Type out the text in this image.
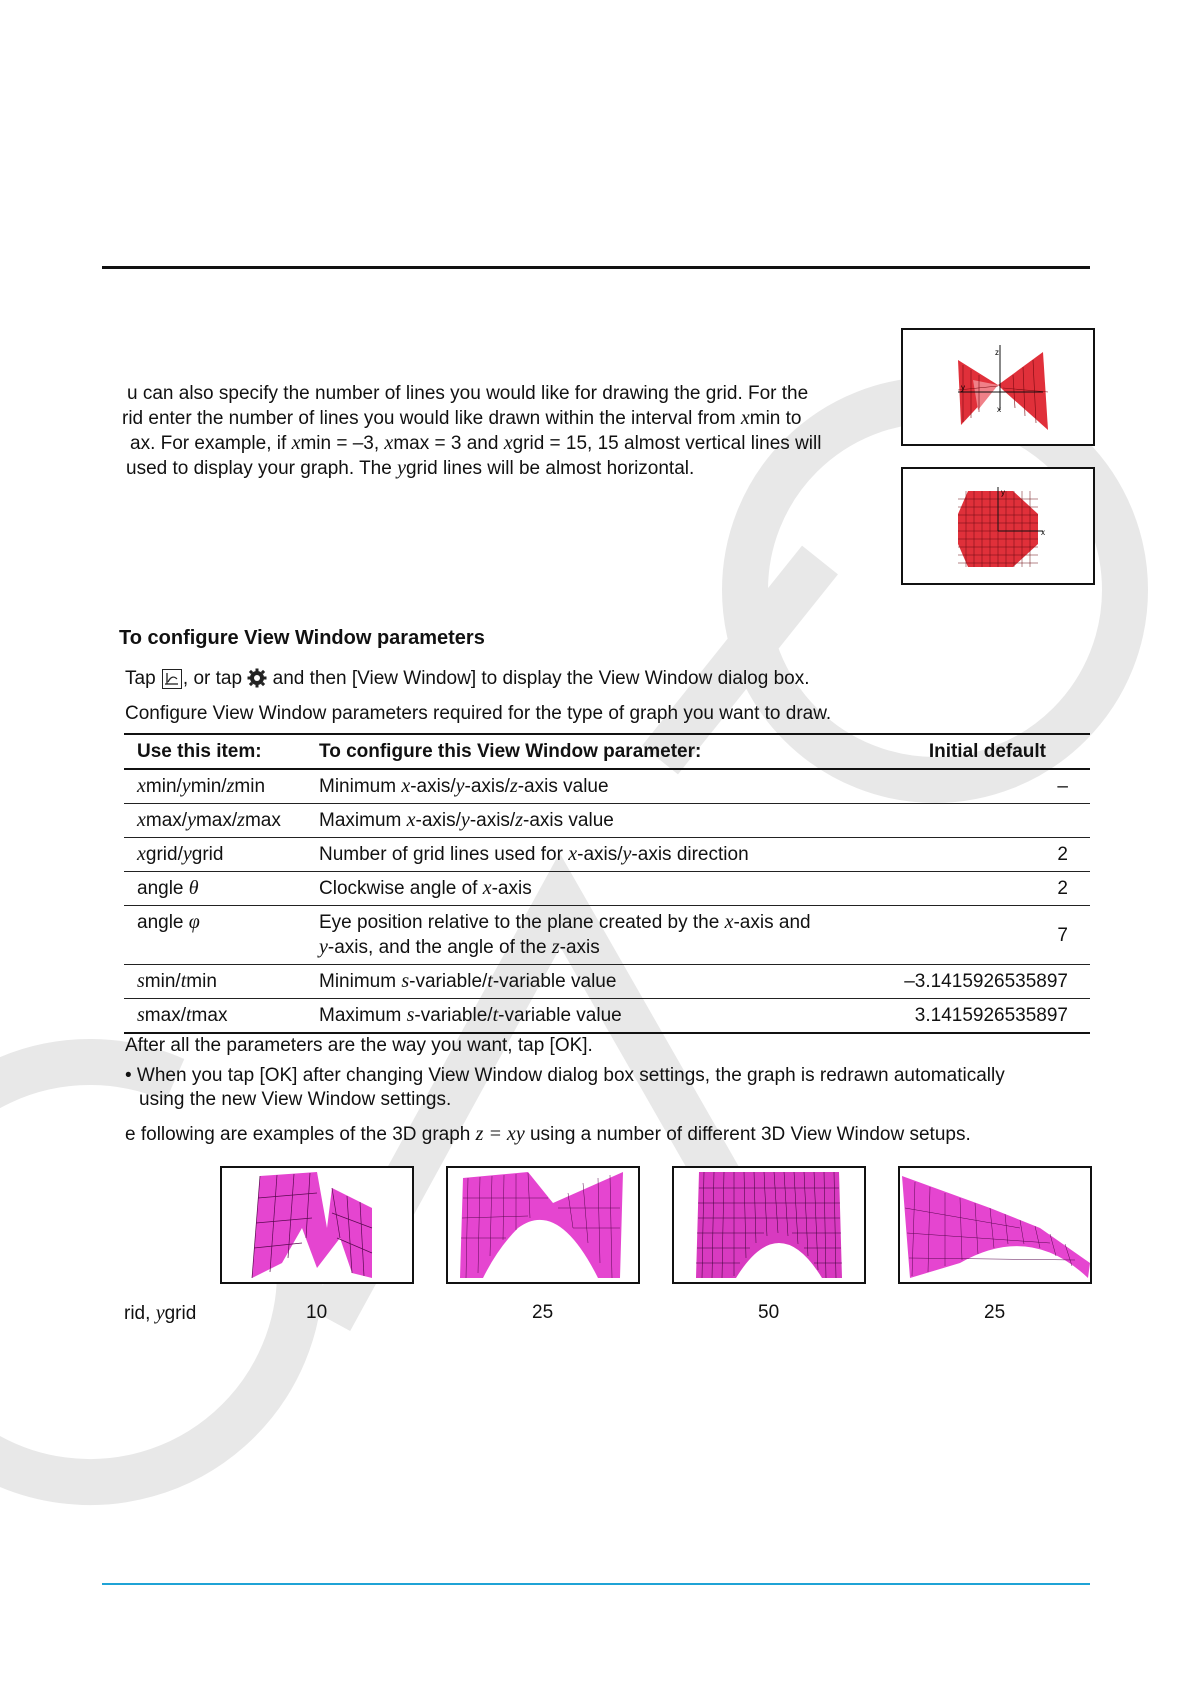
u can also specify the number of lines you would like for drawing the grid. For the
rid enter the number of lines you would like drawn within the interval from xmin to
ax. For example, if xmin = –3, xmax = 3 and xgrid = 15, 15 almost vertical lines will
used to display your graph. The ygrid lines will be almost horizontal.
z
y
x
y
x
To configure View Window parameters
Tap , or tap  and then [View Window] to display the View Window dialog box.
Configure View Window parameters required for the type of graph you want to draw.
Use this item:	To configure this View Window parameter:	Initial default
xmin/ymin/zmin	Minimum x-axis/y-axis/z-axis value	–
xmax/ymax/zmax	Maximum x-axis/y-axis/z-axis value	
xgrid/ygrid	Number of grid lines used for x-axis/y-axis direction	2
angle θ	Clockwise angle of x-axis	2
angle φ	Eye position relative to the plane created by the x-axis and
y-axis, and the angle of the z-axis	7
smin/tmin	Minimum s-variable/t-variable value	–3.1415926535897
smax/tmax	Maximum s-variable/t-variable value	3.1415926535897
After all the parameters are the way you want, tap [OK].
• When you tap [OK] after changing View Window dialog box settings, the graph is redrawn automatically
using the new View Window settings.
e following are examples of the 3D graph z = xy using a number of different 3D View Window setups.
rid, ygrid	10	25	50	25
